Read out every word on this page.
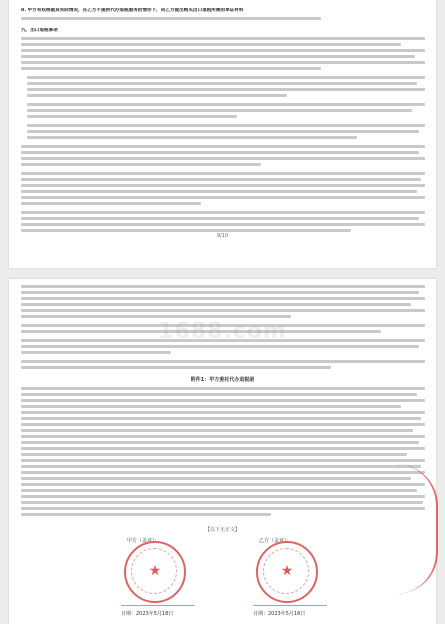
8. 甲方有权根据其实际情况，在乙方不提供代办退税服务的情形下，向乙方提出购买出口退税所需的单证材料
九、出口退税事项
9/10
1688.com
附件1：甲方委托代办退税函
【以下无正文】
甲方（盖章）：	乙方（盖章）：
★	★
日期：2023年5月18日	日期：2023年5月18日
